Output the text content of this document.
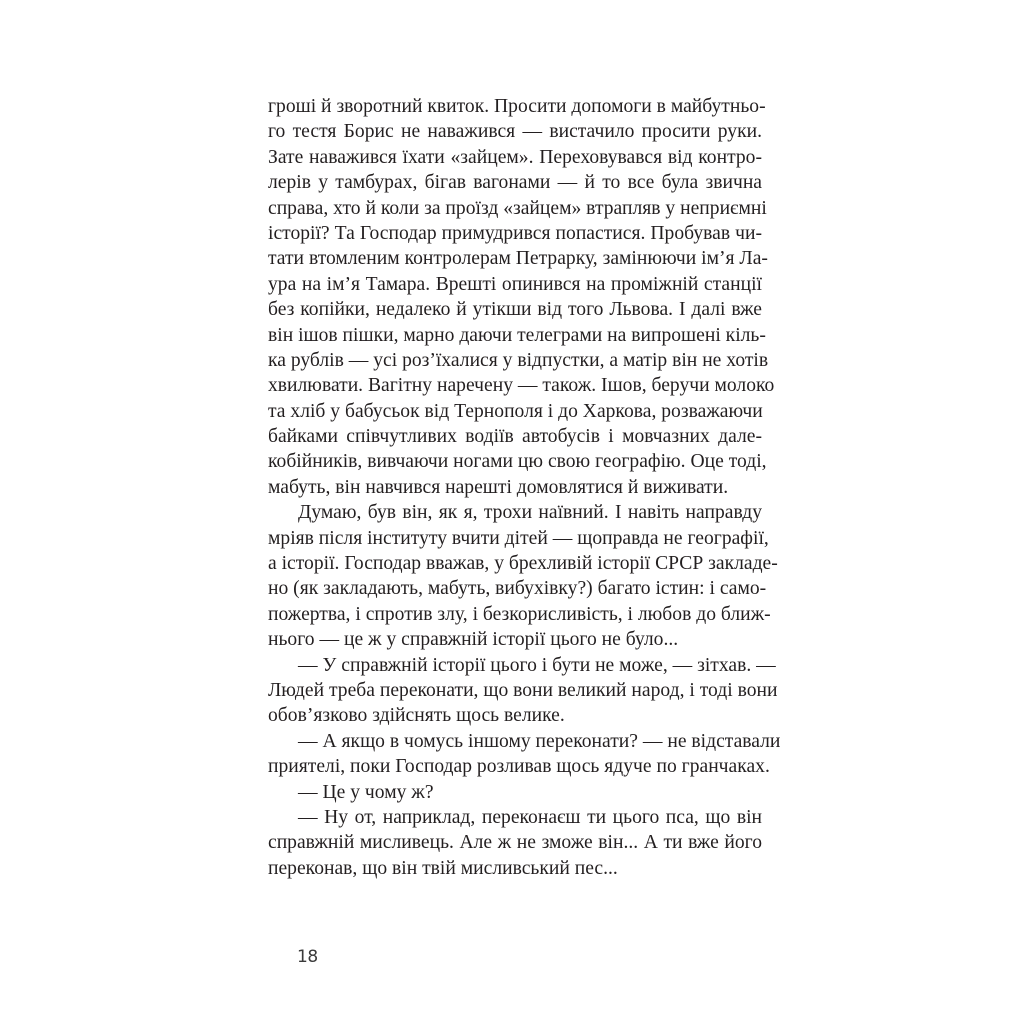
гроші й зворотний квиток. Просити допомоги в майбутньо-
го тестя Борис не наважився — вистачило просити руки.
Зате наважився їхати «зайцем». Переховувався від контро-
лерів у тамбурах, бігав вагонами — й то все була звична
справа, хто й коли за проїзд «зайцем» втрапляв у неприємні
історії? Та Господар примудрився попастися. Пробував чи-
тати втомленим контролерам Петрарку, замінюючи ім’я Ла-
ура на ім’я Тамара. Врешті опинився на проміжній станції
без копійки, недалеко й утікши від того Львова. І далі вже
він ішов пішки, марно даючи телеграми на випрошені кіль-
ка рублів — усі роз’їхалися у відпустки, а матір він не хотів
хвилювати. Вагітну наречену — також. Ішов, беручи молоко
та хліб у бабусьок від Тернополя і до Харкова, розважаючи
байками співчутливих водіїв автобусів і мовчазних дале-
кобійників, вивчаючи ногами цю свою географію. Оце тоді,
мабуть, він навчився нарешті домовлятися й виживати.
Думаю, був він, як я, трохи наївний. І навіть направду
мріяв після інституту вчити дітей — щоправда не географії,
а історії. Господар вважав, у брехливій історії СРСР закладе-
но (як закладають, мабуть, вибухівку?) багато істин: і само-
пожертва, і спротив злу, і безкорисливість, і любов до ближ-
нього — це ж у справжній історії цього не було...
— У справжній історії цього і бути не може, — зітхав. —
Людей треба переконати, що вони великий народ, і тоді вони
обов’язково здійснять щось велике.
— А якщо в чомусь іншому переконати? — не відставали
приятелі, поки Господар розливав щось ядуче по гранчаках.
— Це у чому ж?
— Ну от, наприклад, переконаєш ти цього пса, що він
справжній мисливець. Але ж не зможе він... А ти вже його
переконав, що він твій мисливський пес...
18
